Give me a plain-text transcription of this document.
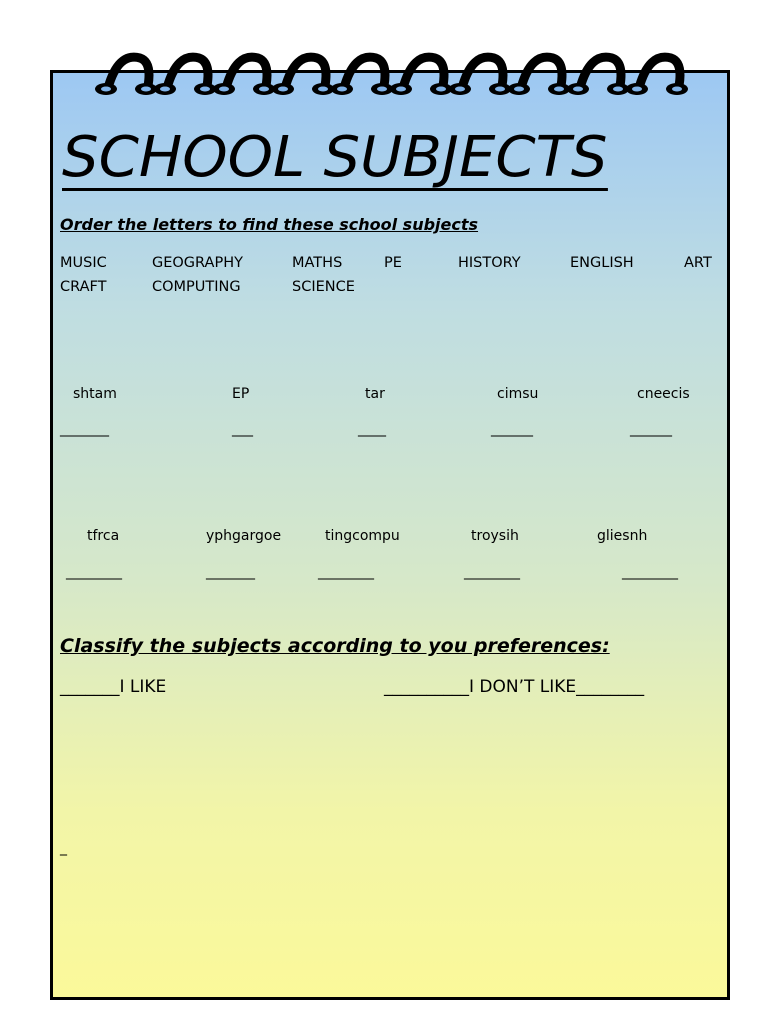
SCHOOL SUBJECTS
Order the letters to find these school subjects
MUSIC	GEOGRAPHY	MATHS	PE	HISTORY	ENGLISH	ART
CRAFT	COMPUTING	SCIENCE
shtam	EP	tar	cimsu	cneecis
_______	___	____	______	______
tfrca	yphgargoe	tingcompu	troysih	gliesnh
________	_______	________	________	________
Classify the subjects according to you preferences:
_______I LIKE	__________I DON’T LIKE________
_
